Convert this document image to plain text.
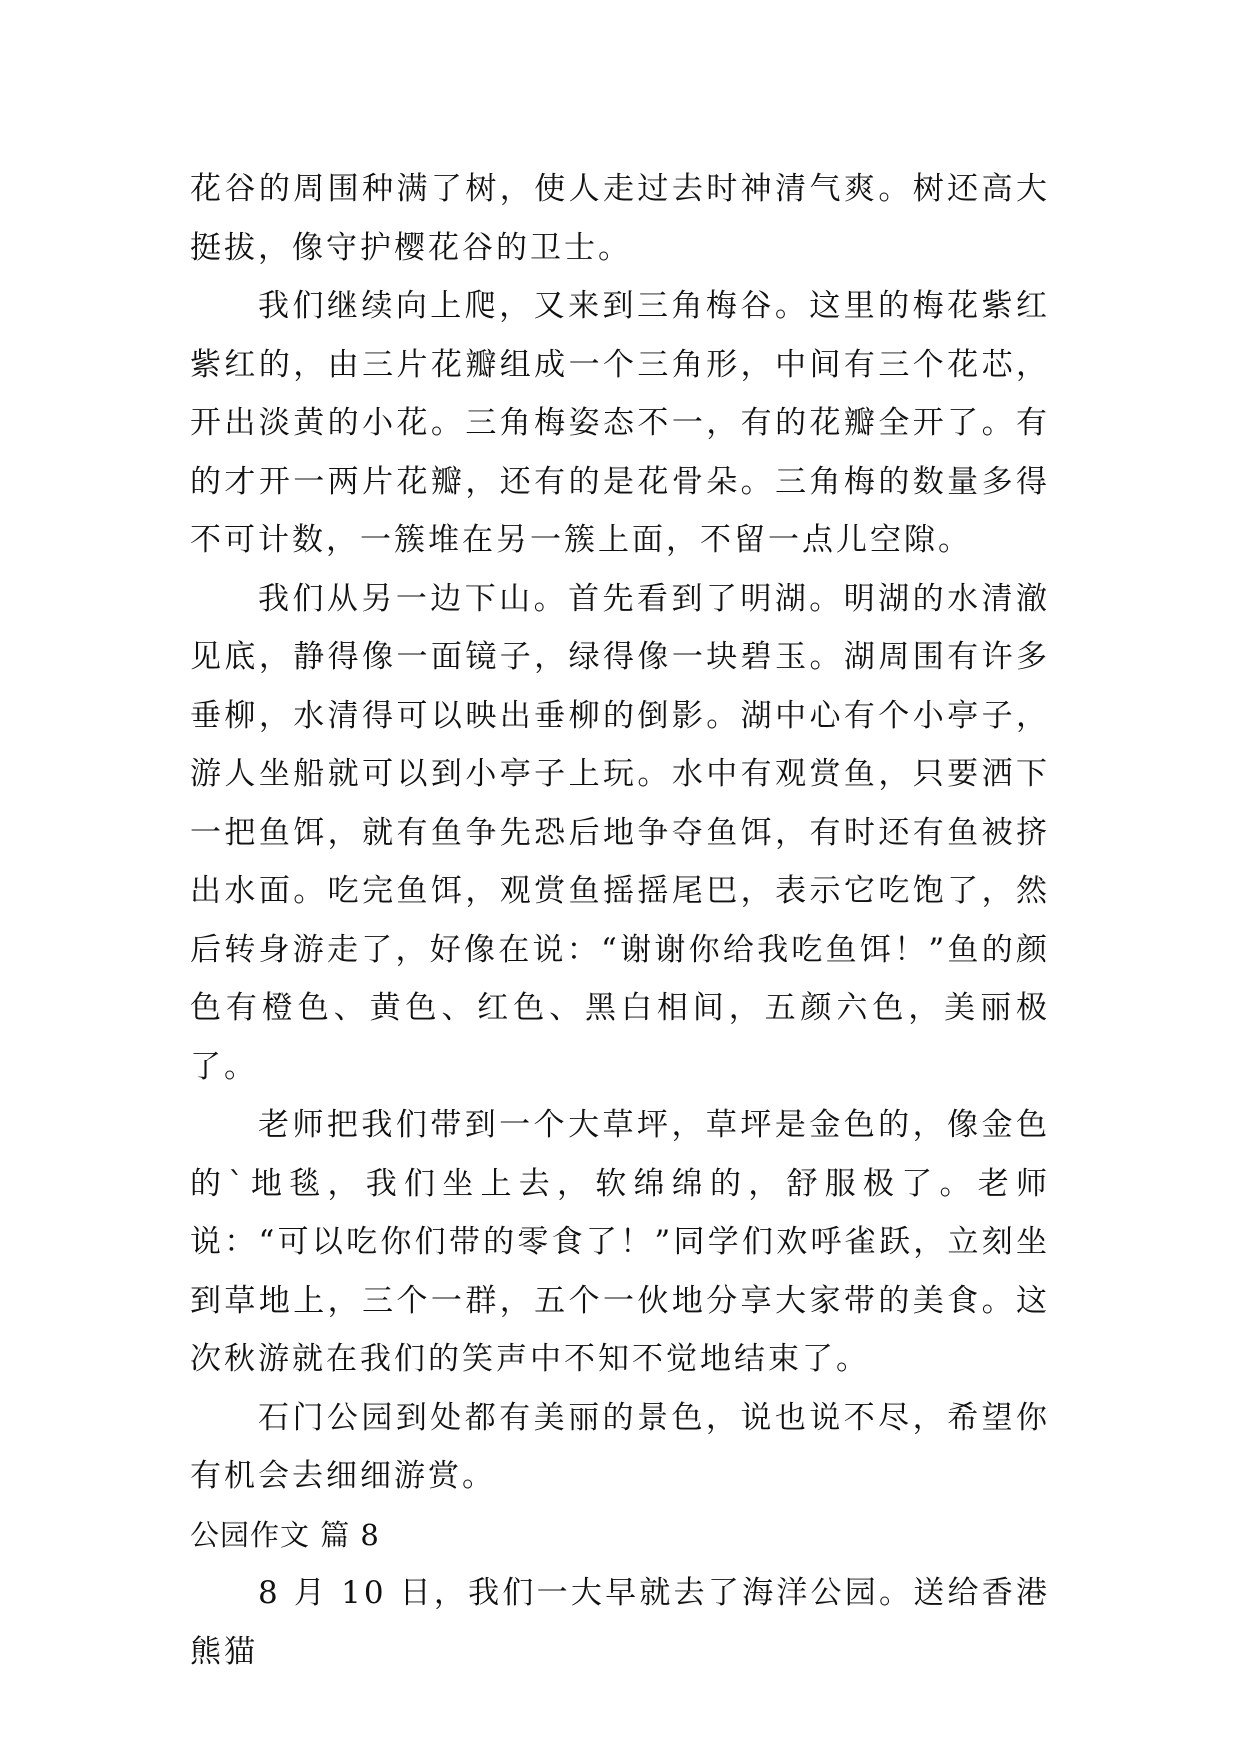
花谷的周围种满了树，使人走过去时神清气爽。树还高大挺拔，像守护樱花谷的卫士。

我们继续向上爬，又来到三角梅谷。这里的梅花紫红紫红的，由三片花瓣组成一个三角形，中间有三个花芯，开出淡黄的小花。三角梅姿态不一，有的花瓣全开了。有的才开一两片花瓣，还有的是花骨朵。三角梅的数量多得不可计数，一簇堆在另一簇上面，不留一点儿空隙。

我们从另一边下山。首先看到了明湖。明湖的水清澈见底，静得像一面镜子，绿得像一块碧玉。湖周围有许多垂柳，水清得可以映出垂柳的倒影。湖中心有个小亭子，游人坐船就可以到小亭子上玩。水中有观赏鱼，只要洒下一把鱼饵，就有鱼争先恐后地争夺鱼饵，有时还有鱼被挤出水面。吃完鱼饵，观赏鱼摇摇尾巴，表示它吃饱了，然后转身游走了，好像在说：“谢谢你给我吃鱼饵！”鱼的颜色有橙色、黄色、红色、黑白相间，五颜六色，美丽极了。

老师把我们带到一个大草坪，草坪是金色的，像金色的`地毯，我们坐上去，软绵绵的，舒服极了。老师说：“可以吃你们带的零食了！”同学们欢呼雀跃，立刻坐到草地上，三个一群，五个一伙地分享大家带的美食。这次秋游就在我们的笑声中不知不觉地结束了。

石门公园到处都有美丽的景色，说也说不尽，希望你有机会去细细游赏。

公园作文 篇 8

8 月 10 日，我们一大早就去了海洋公园。送给香港熊猫
